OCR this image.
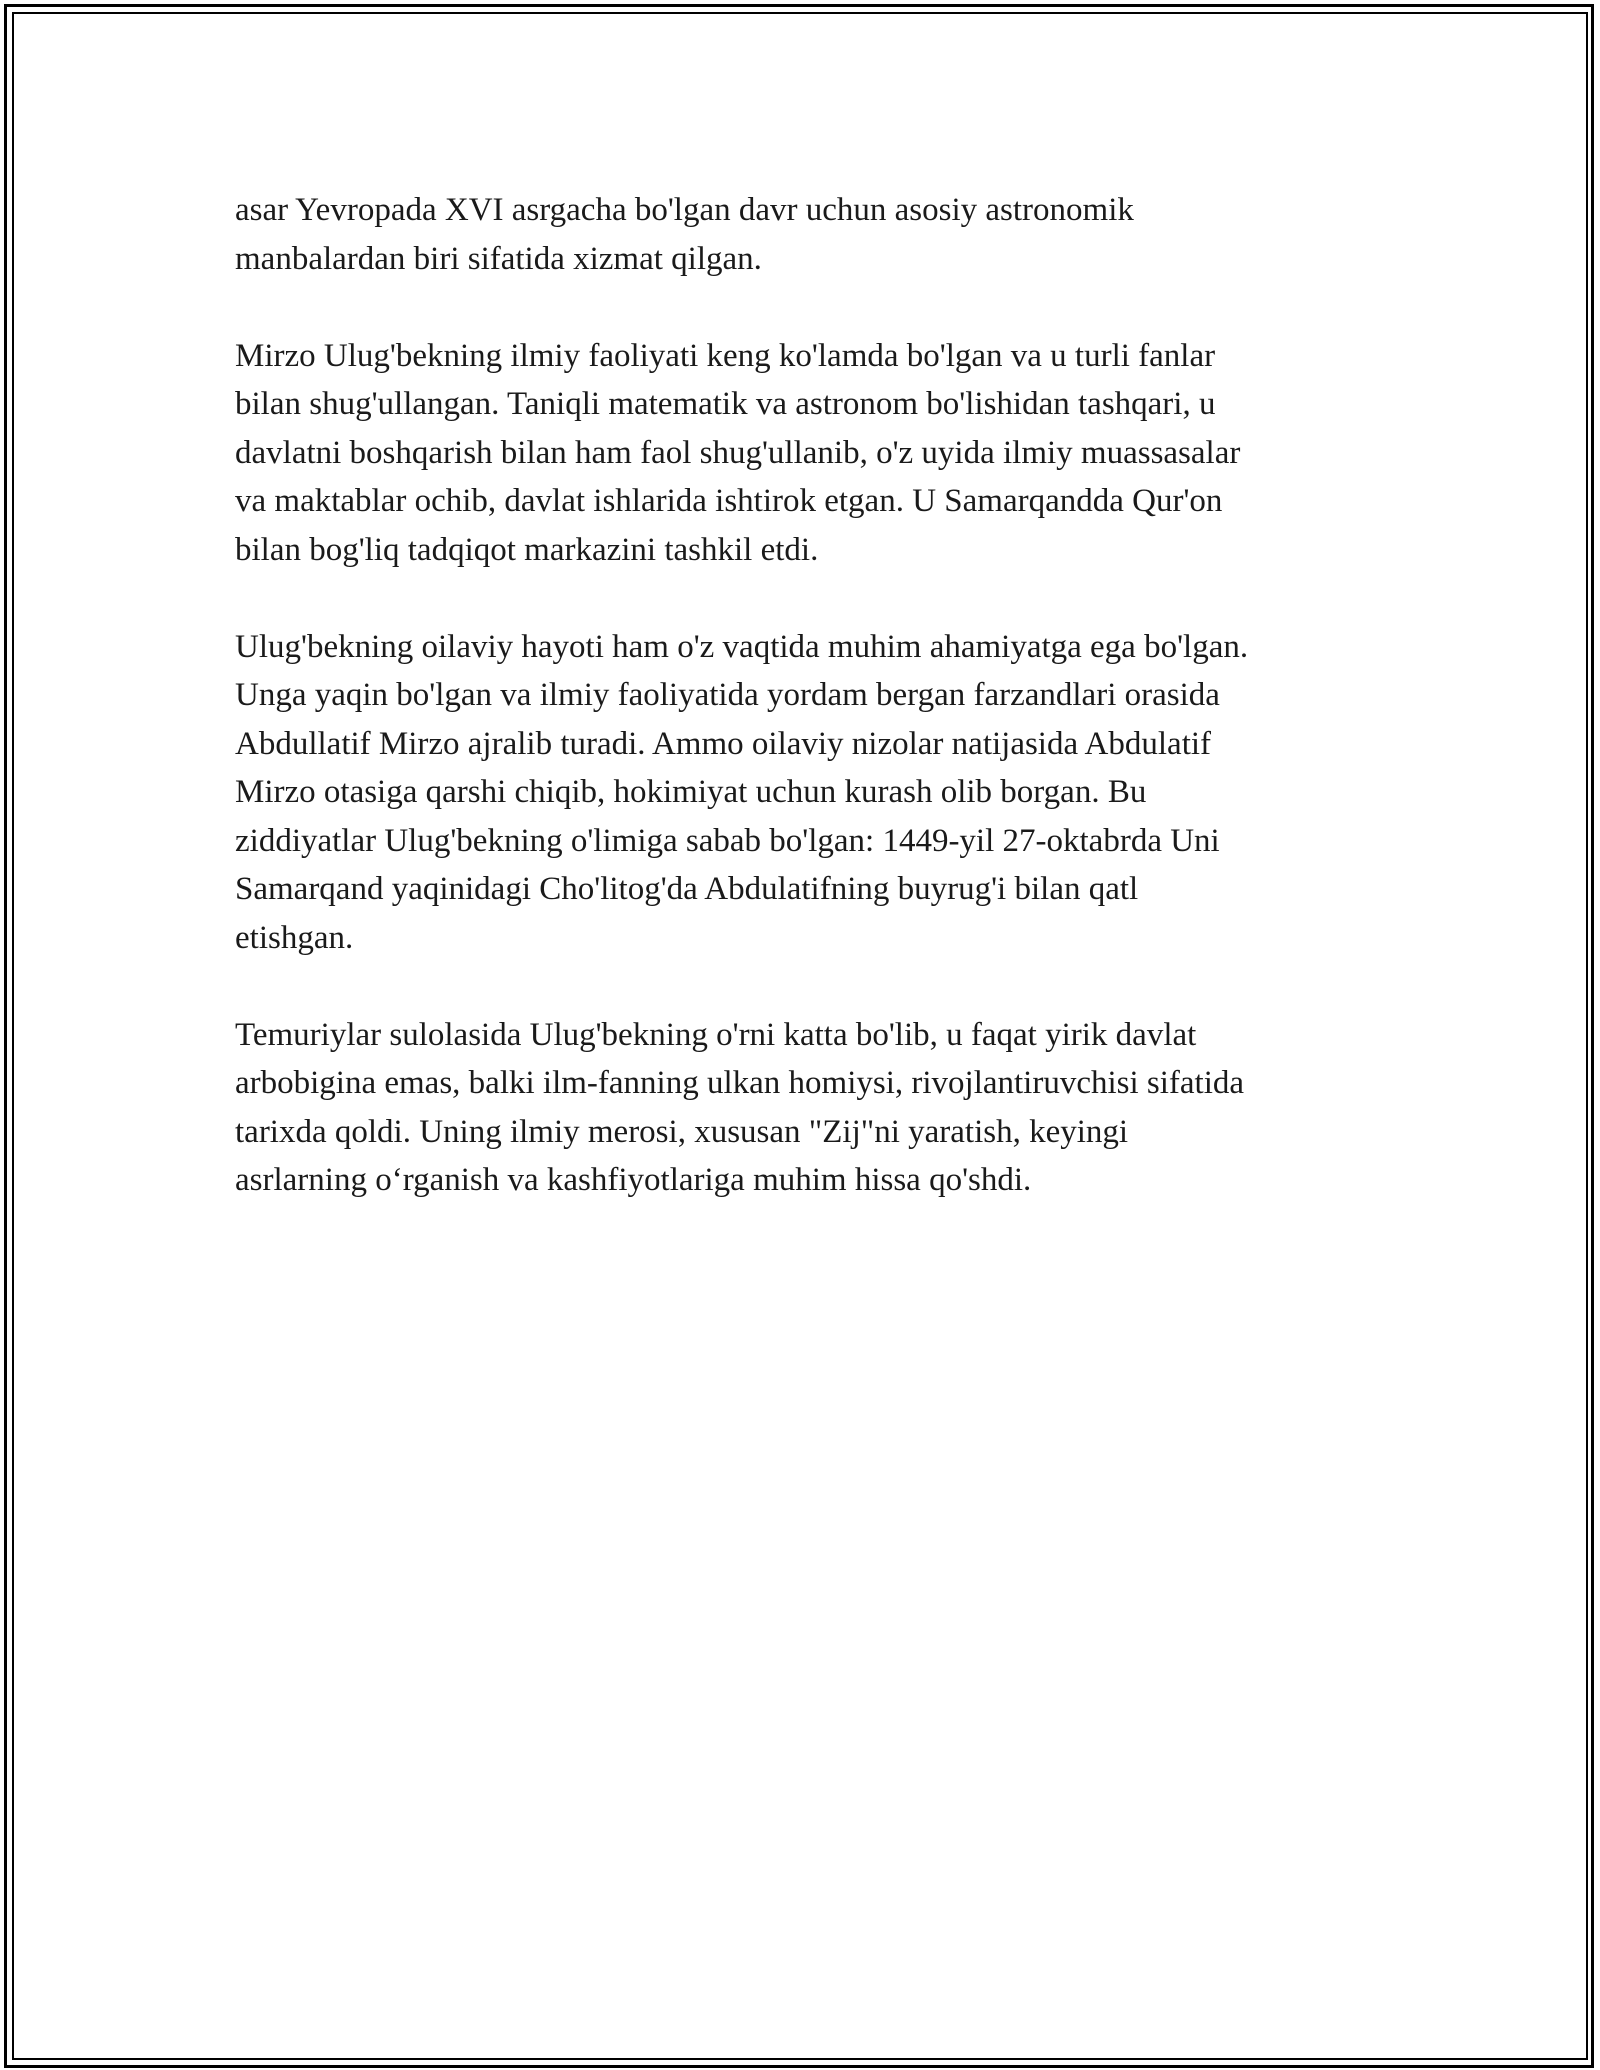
asar Yevropada XVI asrgacha bo'lgan davr uchun asosiy astronomik
manbalardan biri sifatida xizmat qilgan.

Mirzo Ulug'bekning ilmiy faoliyati keng ko'lamda bo'lgan va u turli fanlar
bilan shug'ullangan. Taniqli matematik va astronom bo'lishidan tashqari, u
davlatni boshqarish bilan ham faol shug'ullanib, o'z uyida ilmiy muassasalar
va maktablar ochib, davlat ishlarida ishtirok etgan. U Samarqandda Qur'on
bilan bog'liq tadqiqot markazini tashkil etdi.

Ulug'bekning oilaviy hayoti ham o'z vaqtida muhim ahamiyatga ega bo'lgan.
Unga yaqin bo'lgan va ilmiy faoliyatida yordam bergan farzandlari orasida
Abdullatif Mirzo ajralib turadi. Ammo oilaviy nizolar natijasida Abdulatif
Mirzo otasiga qarshi chiqib, hokimiyat uchun kurash olib borgan. Bu
ziddiyatlar Ulug'bekning o'limiga sabab bo'lgan: 1449-yil 27-oktabrda Uni
Samarqand yaqinidagi Cho'litog'da Abdulatifning buyrug'i bilan qatl
etishgan.

Temuriylar sulolasida Ulug'bekning o'rni katta bo'lib, u faqat yirik davlat
arbobigina emas, balki ilm-fanning ulkan homiysi, rivojlantiruvchisi sifatida
tarixda qoldi. Uning ilmiy merosi, xususan "Zij"ni yaratish, keyingi
asrlarning o‘rganish va kashfiyotlariga muhim hissa qo'shdi.
